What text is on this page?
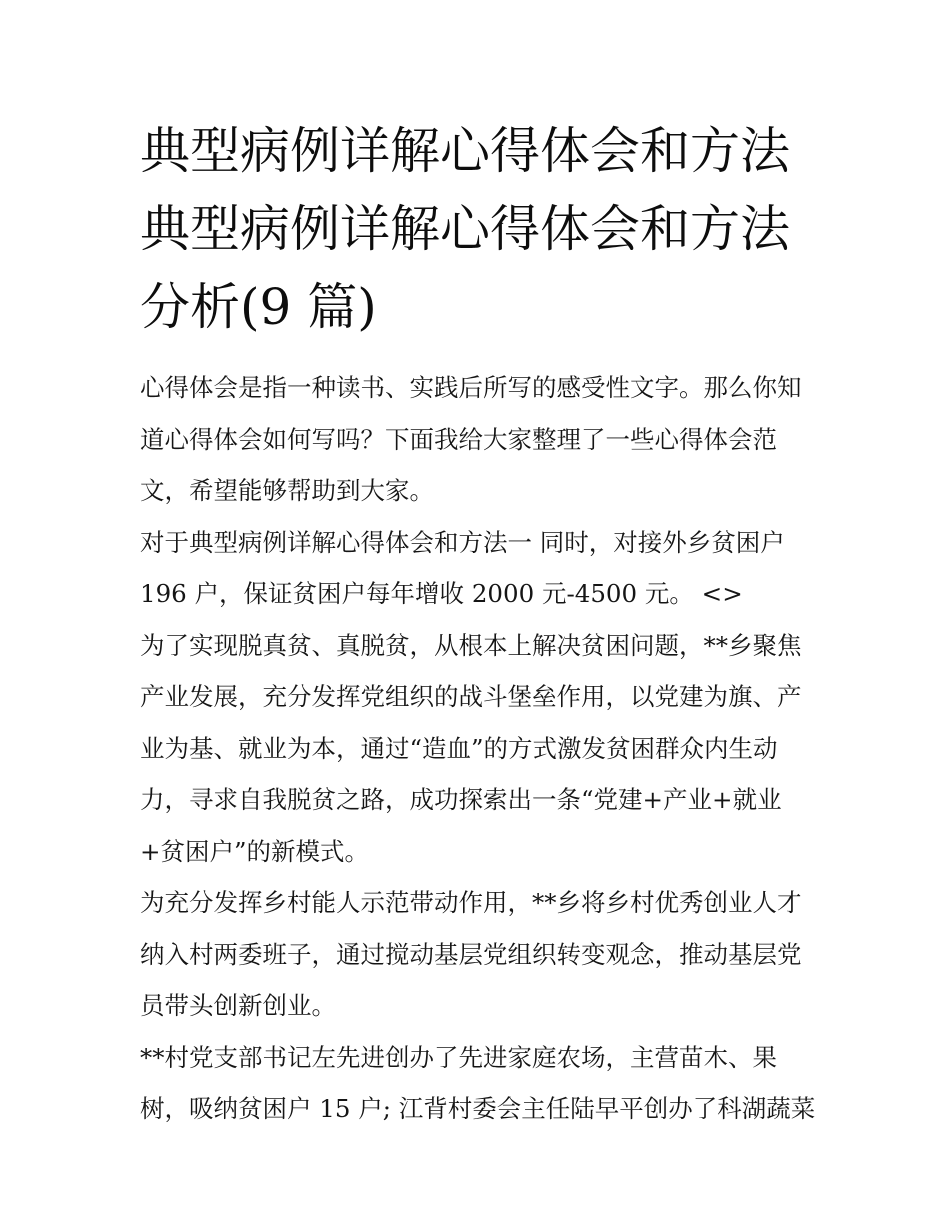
典型病例详解心得体会和方法
典型病例详解心得体会和方法
分析(9 篇)

心得体会是指一种读书、实践后所写的感受性文字。那么你知
道心得体会如何写吗？下面我给大家整理了一些心得体会范
文，希望能够帮助到大家。

对于典型病例详解心得体会和方法一 同时，对接外乡贫困户
196 户，保证贫困户每年增收 2000 元-4500 元。 <>

为了实现脱真贫、真脱贫，从根本上解决贫困问题，**乡聚焦
产业发展，充分发挥党组织的战斗堡垒作用，以党建为旗、产
业为基、就业为本，通过“造血”的方式激发贫困群众内生动
力，寻求自我脱贫之路，成功探索出一条“党建+产业+就业
+贫困户”的新模式。

为充分发挥乡村能人示范带动作用，**乡将乡村优秀创业人才
纳入村两委班子，通过搅动基层党组织转变观念，推动基层党
员带头创新创业。

**村党支部书记左先进创办了先进家庭农场，主营苗木、果
树，吸纳贫困户 15 户; 江背村委会主任陆早平创办了科湖蔬菜
